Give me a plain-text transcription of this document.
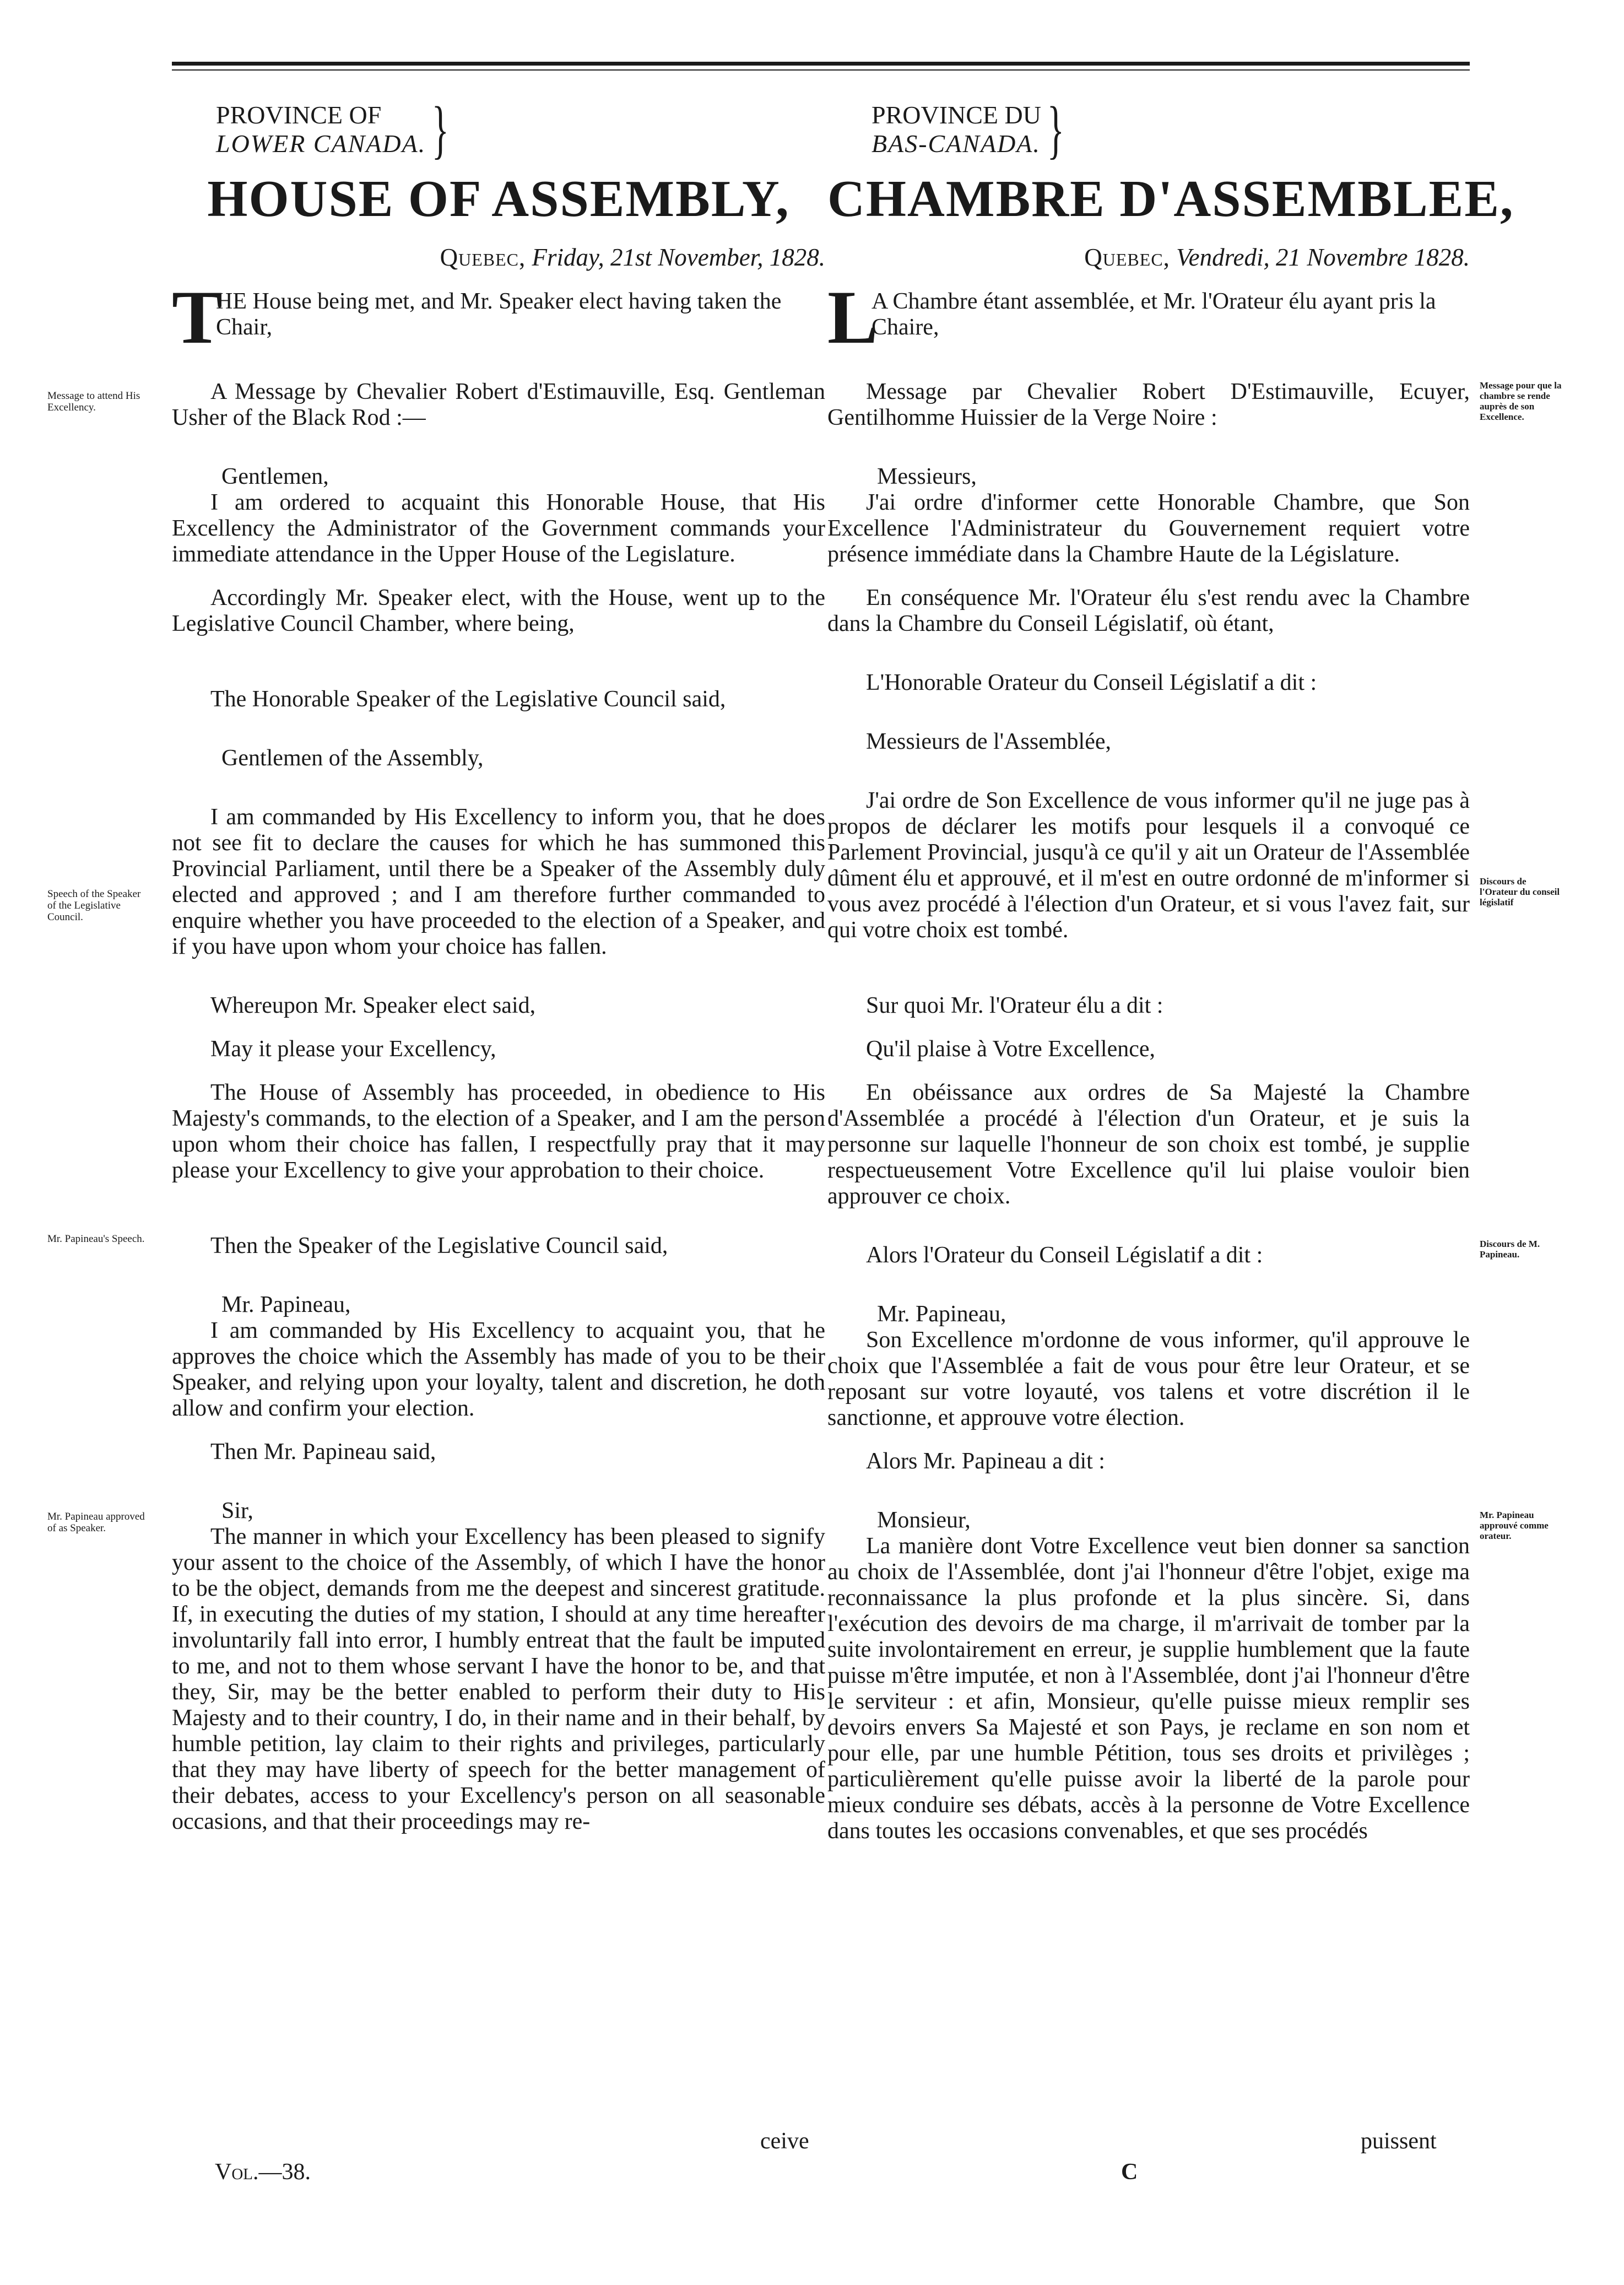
PROVINCE OF
LOWER CANADA. }
HOUSE OF ASSEMBLY,
Quebec, Friday, 21st November, 1828.
T
HE House being met, and Mr. Speaker elect having taken the Chair,

A Message by Chevalier Robert d'Estimauville, Esq. Gentleman Usher of the Black Rod :—

Gentlemen,

I am ordered to acquaint this Honorable House, that His Excellency the Administrator of the Government commands your immediate attendance in the Upper House of the Legislature.

Accordingly Mr. Speaker elect, with the House, went up to the Legislative Council Chamber, where being,

The Honorable Speaker of the Legislative Council said,

Gentlemen of the Assembly,

I am commanded by His Excellency to inform you, that he does not see fit to declare the causes for which he has summoned this Provincial Parliament, until there be a Speaker of the Assembly duly elected and approved ; and I am therefore further commanded to enquire whether you have proceeded to the election of a Speaker, and if you have upon whom your choice has fallen.

Whereupon Mr. Speaker elect said,

May it please your Excellency,

The House of Assembly has proceeded, in obedience to His Majesty's commands, to the election of a Speaker, and I am the person upon whom their choice has fallen, I respectfully pray that it may please your Excellency to give your approbation to their choice.

Then the Speaker of the Legislative Council said,

Mr. Papineau,

I am commanded by His Excellency to acquaint you, that he approves the choice which the Assembly has made of you to be their Speaker, and relying upon your loyalty, talent and discretion, he doth allow and confirm your election.

Then Mr. Papineau said,

Sir,

The manner in which your Excellency has been pleased to signify your assent to the choice of the Assembly, of which I have the honor to be the object, demands from me the deepest and sincerest gratitude. If, in executing the duties of my station, I should at any time hereafter involuntarily fall into error, I humbly entreat that the fault be imputed to me, and not to them whose servant I have the honor to be, and that they, Sir, may be the better enabled to perform their duty to His Majesty and to their country, I do, in their name and in their behalf, by humble petition, lay claim to their rights and privileges, particularly that they may have liberty of speech for the better management of their debates, access to your Excellency's person on all seasonable occasions, and that their proceedings may re-

PROVINCE DU
BAS-CANADA. }
CHAMBRE D'ASSEMBLEE,
Quebec, Vendredi, 21 Novembre 1828.
L
A Chambre étant assemblée, et Mr. l'Orateur élu ayant pris la Chaire,

Message par Chevalier Robert D'Estimauville, Ecuyer, Gentilhomme Huissier de la Verge Noire :

Messieurs,

J'ai ordre d'informer cette Honorable Chambre, que Son Excellence l'Administrateur du Gouvernement requiert votre présence immédiate dans la Chambre Haute de la Législature.

En conséquence Mr. l'Orateur élu s'est rendu avec la Chambre dans la Chambre du Conseil Législatif, où étant,

L'Honorable Orateur du Conseil Législatif a dit :

Messieurs de l'Assemblée,

J'ai ordre de Son Excellence de vous informer qu'il ne juge pas à propos de déclarer les motifs pour lesquels il a convoqué ce Parlement Provincial, jusqu'à ce qu'il y ait un Orateur de l'Assemblée dûment élu et approuvé, et il m'est en outre ordonné de m'informer si vous avez procédé à l'élection d'un Orateur, et si vous l'avez fait, sur qui votre choix est tombé.

Sur quoi Mr. l'Orateur élu a dit :

Qu'il plaise à Votre Excellence,

En obéissance aux ordres de Sa Majesté la Chambre d'Assemblée a procédé à l'élection d'un Orateur, et je suis la personne sur laquelle l'honneur de son choix est tombé, je supplie respectueusement Votre Excellence qu'il lui plaise vouloir bien approuver ce choix.

Alors l'Orateur du Conseil Législatif a dit :

Mr. Papineau,

Son Excellence m'ordonne de vous informer, qu'il approuve le choix que l'Assemblée a fait de vous pour être leur Orateur, et se reposant sur votre loyauté, vos talens et votre discrétion il le sanctionne, et approuve votre élection.

Alors Mr. Papineau a dit :

Monsieur,

La manière dont Votre Excellence veut bien donner sa sanction au choix de l'Assemblée, dont j'ai l'honneur d'être l'objet, exige ma reconnaissance la plus profonde et la plus sincère. Si, dans l'exécution des devoirs de ma charge, il m'arrivait de tomber par la suite involontairement en erreur, je supplie humblement que la faute puisse m'être imputée, et non à l'Assemblée, dont j'ai l'honneur d'être le serviteur : et afin, Monsieur, qu'elle puisse mieux remplir ses devoirs envers Sa Majesté et son Pays, je reclame en son nom et pour elle, par une humble Pétition, tous ses droits et privilèges ; particulièrement qu'elle puisse avoir la liberté de la parole pour mieux conduire ses débats, accès à la personne de Votre Excellence dans toutes les occasions convenables, et que ses procédés

Message to attend His Excellency.
Speech of the Speaker of the Legislative Council.
Mr. Papineau's Speech.
Mr. Papineau approved of as Speaker.
Message pour que la chambre se rende auprès de son Excellence.
Discours de l'Orateur du conseil législatif
Discours de M. Papineau.
Mr. Papineau approuvé comme orateur.
ceive	puissent
Vol.—38.	C
